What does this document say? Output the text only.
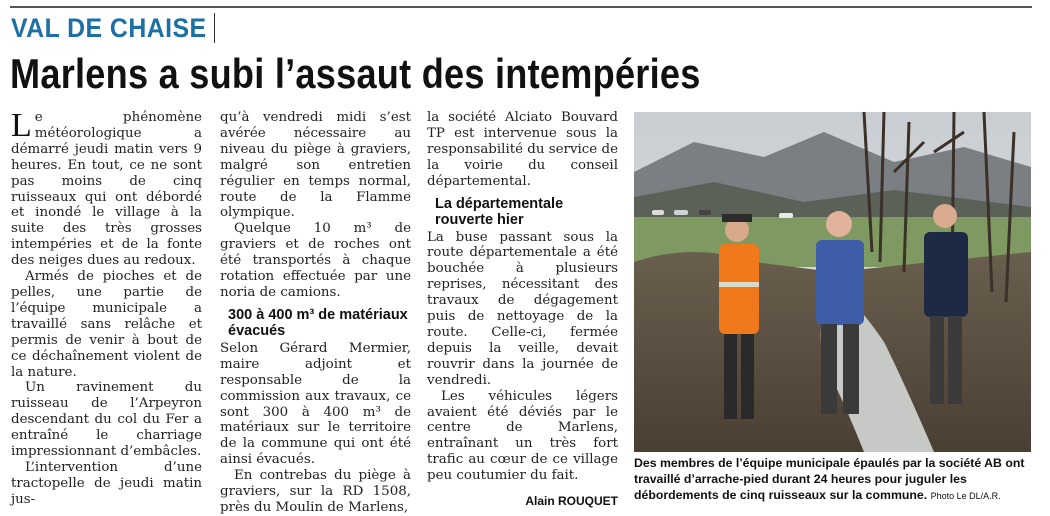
VAL DE CHAISE
Marlens a subi l’assaut des intempéries

Le phénomène météorologique a démarré jeudi matin vers 9 heures. En tout, ce ne sont pas moins de cinq ruisseaux qui ont débordé et inondé le village à la suite des très grosses intempéries et de la fonte des neiges dues au redoux.

Armés de pioches et de pelles, une partie de l’équipe municipale a travaillé sans relâche et permis de venir à bout de ce déchaînement violent de la nature.

Un ravinement du ruisseau de l’Arpeyron descendant du col du Fer a entraîné le charriage impressionnant d’embâcles.

L’intervention d’une tractopelle de jeudi matin jus-

qu’à vendredi midi s’est avérée nécessaire au niveau du piège à graviers, malgré son entretien régulier en temps normal, route de la Flamme olympique.

Quelque 10 m³ de graviers et de roches ont été transportés à chaque rotation effectuée par une noria de camions.

300 à 400 m³ de matériaux évacués

Selon Gérard Mermier, maire adjoint et responsable de la commission aux travaux, ce sont 300 à 400 m³ de matériaux sur le territoire de la commune qui ont été ainsi évacués.

En contrebas du piège à graviers, sur la RD 1508, près du Moulin de Marlens,

la société Alciato Bouvard TP est intervenue sous la responsabilité du service de la voirie du conseil départemental.

La départementale rouverte hier

La buse passant sous la route départementale a été bouchée à plusieurs reprises, nécessitant des travaux de dégagement puis de nettoyage de la route. Celle-ci, fermée depuis la veille, devait rouvrir dans la journée de vendredi.

Les véhicules légers avaient été déviés par le centre de Marlens, entraînant un très fort trafic au cœur de ce village peu coutumier du fait.

Alain ROUQUET
Des membres de l’équipe municipale épaulés par la société AB ont travaillé d’arrache-pied durant 24 heures pour juguler les débordements de cinq ruisseaux sur la commune. Photo Le DL/A.R.
